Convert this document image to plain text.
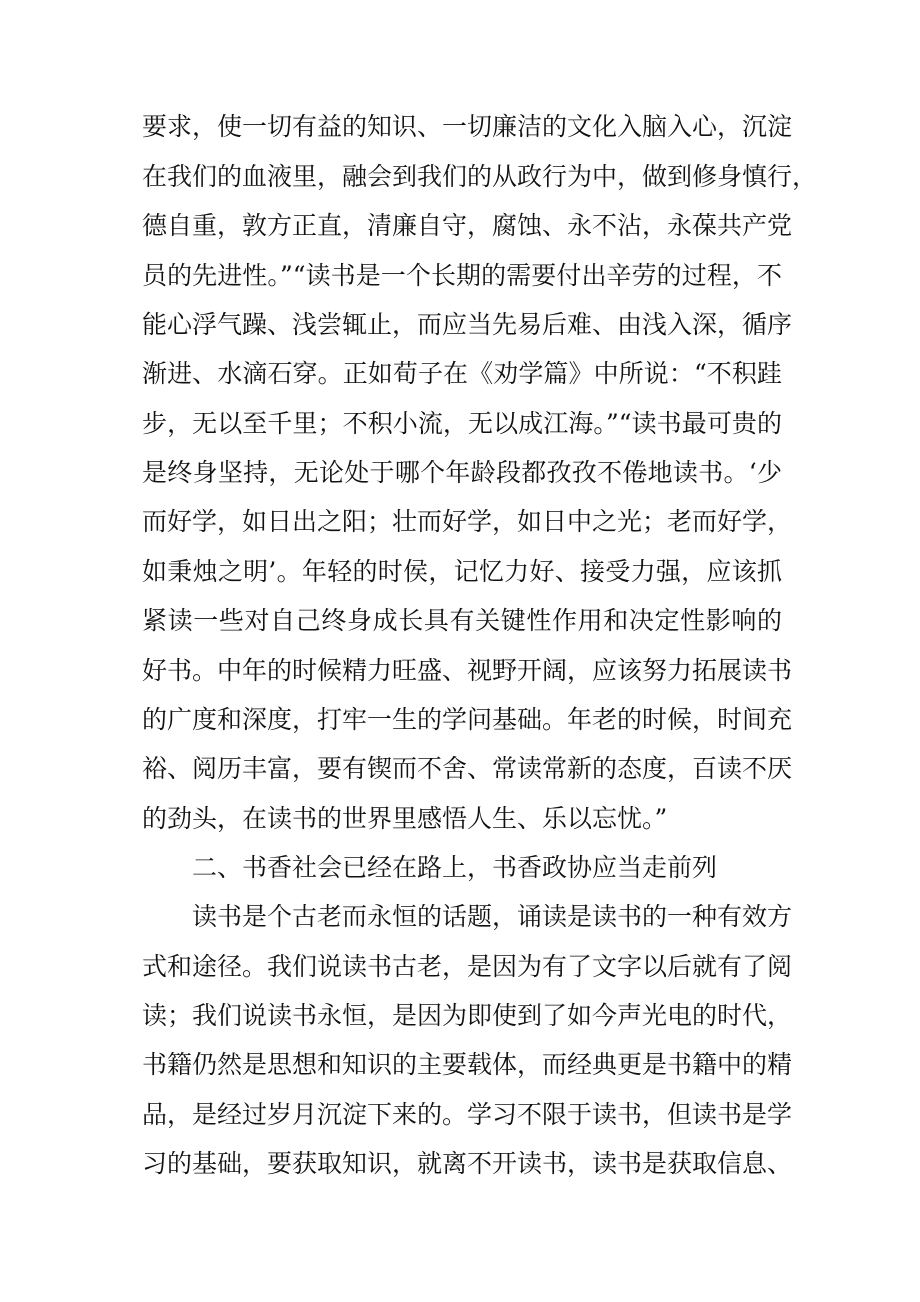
要求，使一切有益的知识、一切廉洁的文化入脑入心，沉淀
在我们的血液里，融会到我们的从政行为中，做到修身慎行，
德自重，敦方正直，清廉自守，腐蚀、永不沾，永葆共产党
员的先进性。”“读书是一个长期的需要付出辛劳的过程，不
能心浮气躁、浅尝辄止，而应当先易后难、由浅入深，循序
渐进、水滴石穿。正如荀子在《劝学篇》中所说：“不积跬
步，无以至千里；不积小流，无以成江海。”“读书最可贵的
是终身坚持，无论处于哪个年龄段都孜孜不倦地读书。‘少
而好学，如日出之阳；壮而好学，如日中之光；老而好学，
如秉烛之明’。年轻的时侯，记忆力好、接受力强，应该抓
紧读一些对自己终身成长具有关键性作用和决定性影响的
好书。中年的时候精力旺盛、视野开阔，应该努力拓展读书
的广度和深度，打牢一生的学问基础。年老的时候，时间充
裕、阅历丰富，要有锲而不舍、常读常新的态度，百读不厌
的劲头，在读书的世界里感悟人生、乐以忘忧。”
二、书香社会已经在路上，书香政协应当走前列
读书是个古老而永恒的话题，诵读是读书的一种有效方
式和途径。我们说读书古老，是因为有了文字以后就有了阅
读；我们说读书永恒，是因为即使到了如今声光电的时代，
书籍仍然是思想和知识的主要载体，而经典更是书籍中的精
品，是经过岁月沉淀下来的。学习不限于读书，但读书是学
习的基础，要获取知识，就离不开读书，读书是获取信息、
